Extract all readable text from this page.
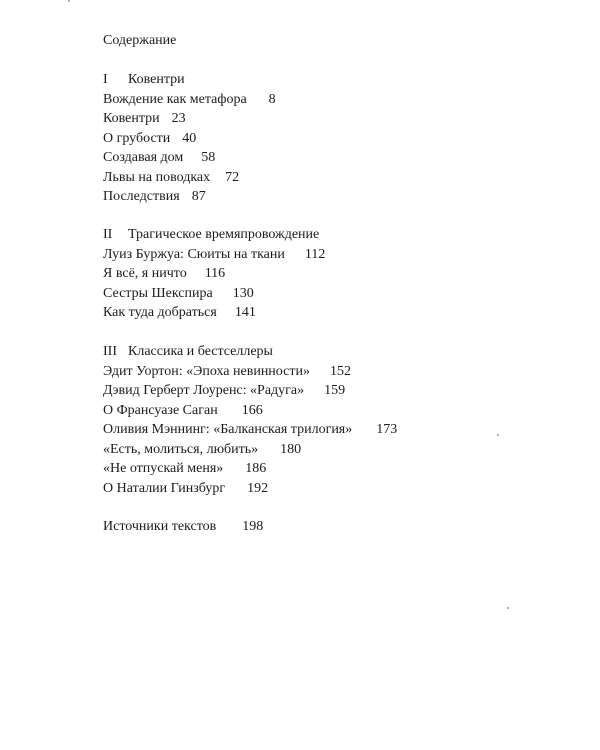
Содержание
I Ковентри
Вождение как метафора 8
Ковентри 23
О грубости 40
Создавая дом 58
Львы на поводках 72
Последствия 87
II Трагическое времяпровождение
Луиз Буржуа: Сюиты на ткани 112
Я всё, я ничто 116
Сестры Шекспира 130
Как туда добраться 141
III Классика и бестселлеры
Эдит Уортон: «Эпоха невинности» 152
Дэвид Герберт Лоуренс: «Радуга» 159
О Франсуазе Саган 166
Оливия Мэннинг: «Балканская трилогия» 173
«Есть, молиться, любить» 180
«Не отпускай меня» 186
О Наталии Гинзбург 192
Источники текстов 198
